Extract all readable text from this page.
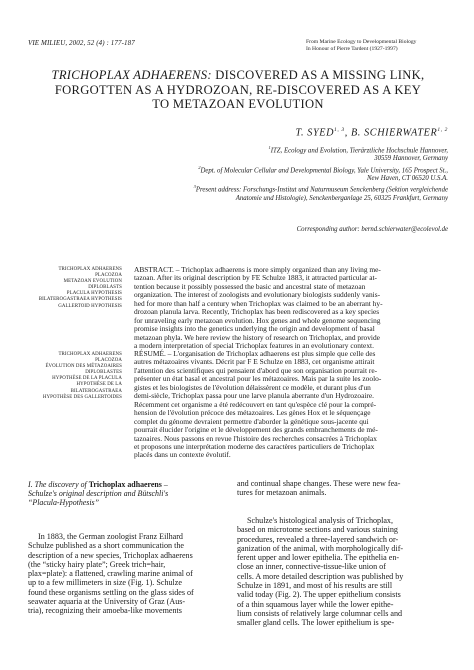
VIE MILIEU, 2002, 52 (4) : 177-187	From Marine Ecology to Developmental Biology
In Honour of Pierre Tardent (1927-1997)
TRICHOPLAX ADHAERENS: DISCOVERED AS A MISSING LINK,
FORGOTTEN AS A HYDROZOAN, RE-DISCOVERED AS A KEY
TO METAZOAN EVOLUTION
T. SYED$^{1, 3}$, B. SCHIERWATER$^{1, 2}$

$^1$ITZ, Ecology and Evolution, Tierärztliche Hochschule Hannover,
30559 Hannover, Germany

$^2$Dept. of Molecular Cellular and Developmental Biology, Yale University, 165 Prospect St.,
New Haven, CT 06520 U.S.A.

$^3$Present address: Forschungs-Institut und Naturmuseum Senckenberg (Sektion vergleichende
Anatomie und Histologie), Senckenberganlage 25, 60325 Frankfurt, Germany

Corresponding author: bernd.schierwater@ecolevol.de
TRICHOPLAX ADHAERENS
PLACOZOA
METAZOAN EVOLUTION
DIPLOBLASTS
PLACULA HYPOTHESIS
BILATEROGASTRAEA HYPOTHESIS
GALLERTOID HYPOTHESIS
ABSTRACT. – Trichoplax adhaerens is more simply organized than any living me-
tazoan. After its original description by FE Schulze 1883, it attracted particular at-
tention because it possibly possessed the basic and ancestral state of metazoan
organization. The interest of zoologists and evolutionary biologists suddenly vanis-
hed for more than half a century when Trichoplax was claimed to be an aberrant hy-
drozoan planula larva. Recently, Trichoplax has been rediscovered as a key species
for unraveling early metazoan evolution. Hox genes and whole genome sequencing
promise insights into the genetics underlying the origin and development of basal
metazoan phyla. We here review the history of research on Trichoplax, and provide
a modern interpretation of special Trichoplax features in an evolutionary context.
TRICHOPLAX ADHAERENS
PLACOZOA
ÉVOLUTION DES MÉTAZOAIRES
DIPLOBLASTES
HYPOTHÈSE DE LA PLACULA
HYPOTHÈSE DE LA
BILATEROGASTRAEA
HYPOTHÈSE DES GALLERTOIDES
RÉSUMÉ. – L'organisation de Trichoplax adhaerens est plus simple que celle des
autres métazoaires vivants. Décrit par F E Schulze en 1883, cet organisme attirait
l'attention des scientifiques qui pensaient d'abord que son organisation pourrait re-
présenter un état basal et ancestral pour les métazoaires. Mais par la suite les zoolo-
gistes et les biologistes de l'évolution délaissèrent ce modèle, et durant plus d'un
demi-siècle, Trichoplax passa pour une larve planula aberrante d'un Hydrozoaire.
Récemment cet organisme a été redécouvert en tant qu'espèce clé pour la compré-
hension de l'évolution précoce des métazoaires. Les gènes Hox et le séquençage
complet du génome devraient permettre d'aborder la génétique sous-jacente qui
pourrait élucider l'origine et le développement des grands embranchements de mé-
tazoaires. Nous passons en revue l'histoire des recherches consacrées à Trichoplax
et proposons une interprétation moderne des caractères particuliers de Trichoplax
placés dans un contexte évolutif.
I. The discovery of Trichoplax adhaerens –
Schulze's original description and Bütschli's
“Placula-Hypothesis”
In 1883, the German zoologist Franz Eilhard
Schulze published as a short communication the
description of a new species, Trichoplax adhaerens
(the “sticky hairy plate”; Greek trich=hair,
plax=plate): a flattened, crawling marine animal of
up to a few millimeters in size (Fig. 1). Schulze
found these organisms settling on the glass sides of
seawater aquaria at the University of Graz (Aus-
tria), recognizing their amoeba-like movements
and continual shape changes. These were new fea-
tures for metazoan animals.
Schulze's histological analysis of Trichoplax,
based on microtome sections and various staining
procedures, revealed a three-layered sandwich or-
ganization of the animal, with morphologically dif-
ferent upper and lower epithelia. The epithelia en-
close an inner, connective-tissue-like union of
cells. A more detailed description was published by
Schulze in 1891, and most of his results are still
valid today (Fig. 2). The upper epithelium consists
of a thin squamous layer while the lower epithe-
lium consists of relatively large columnar cells and
smaller gland cells. The lower epithelium is spe-
